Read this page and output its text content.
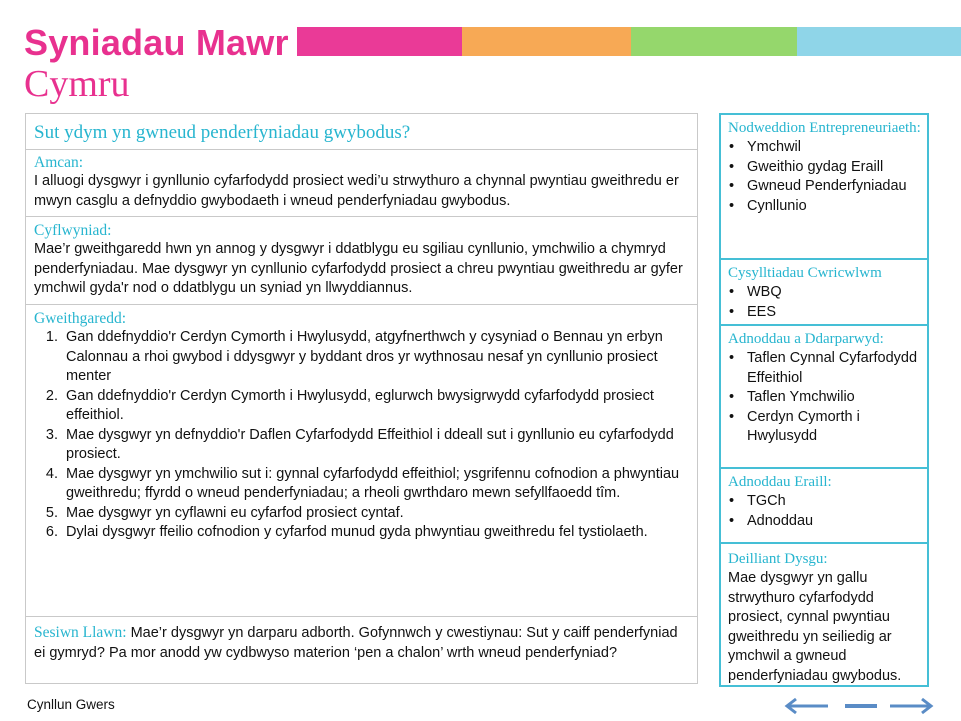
Syniadau Mawr
Cymru
Sut ydym yn gwneud penderfyniadau gwybodus?
Amcan:
I alluogi dysgwyr i gynllunio cyfarfodydd prosiect wedi’u strwythuro a chynnal pwyntiau gweithredu er mwyn casglu a defnyddio gwybodaeth i wneud penderfyniadau gwybodus.
Cyflwyniad:
Mae’r gweithgaredd hwn yn annog y dysgwyr i ddatblygu eu sgiliau cynllunio, ymchwilio a chymryd penderfyniadau. Mae dysgwyr yn cynllunio cyfarfodydd prosiect a chreu pwyntiau gweithredu ar gyfer ymchwil gyda'r nod o ddatblygu un syniad yn llwyddiannus.
Gweithgaredd:
1. Gan ddefnyddio'r Cerdyn Cymorth i Hwylusydd, atgyfnerthwch y cysyniad o Bennau yn erbyn Calonnau a rhoi gwybod i ddysgwyr y byddant dros yr wythnosau nesaf yn cynllunio prosiect menter
2. Gan ddefnyddio'r Cerdyn Cymorth i Hwylusydd, eglurwch bwysigrwydd cyfarfodydd prosiect effeithiol.
3. Mae dysgwyr yn defnyddio'r Daflen Cyfarfodydd Effeithiol i ddeall sut i gynllunio eu cyfarfodydd prosiect.
4. Mae dysgwyr yn ymchwilio sut i: gynnal cyfarfodydd effeithiol; ysgrifennu cofnodion a phwyntiau gweithredu; ffyrdd o wneud penderfyniadau; a rheoli gwrthdaro mewn sefyllfaoedd tîm.
5. Mae dysgwyr yn cyflawni eu cyfarfod prosiect cyntaf.
6. Dylai dysgwyr ffeilio cofnodion y cyfarfod munud gyda phwyntiau gweithredu fel tystiolaeth.
Sesiwn Llawn: Mae’r dysgwyr yn darparu adborth. Gofynnwch y cwestiynau: Sut y caiff penderfyniad ei gymryd? Pa mor anodd yw cydbwyso materion ‘pen a chalon’ wrth wneud penderfyniad?
Nodweddion Entrepreneuriaeth:
• Ymchwil
• Gweithio gydag Eraill
• Gwneud Penderfyniadau
• Cynllunio
Cysylltiadau Cwricwlwm
• WBQ
• EES
Adnoddau a Ddarparwyd:
• Taflen Cynnal Cyfarfodydd Effeithiol
• Taflen Ymchwilio
• Cerdyn Cymorth i Hwylusydd
Adnoddau Eraill:
• TGCh
• Adnoddau
Deilliant Dysgu:
Mae dysgwyr yn gallu strwythuro cyfarfodydd prosiect, cynnal pwyntiau gweithredu yn seiliedig ar ymchwil a gwneud penderfyniadau gwybodus.
Cynllun Gwers
